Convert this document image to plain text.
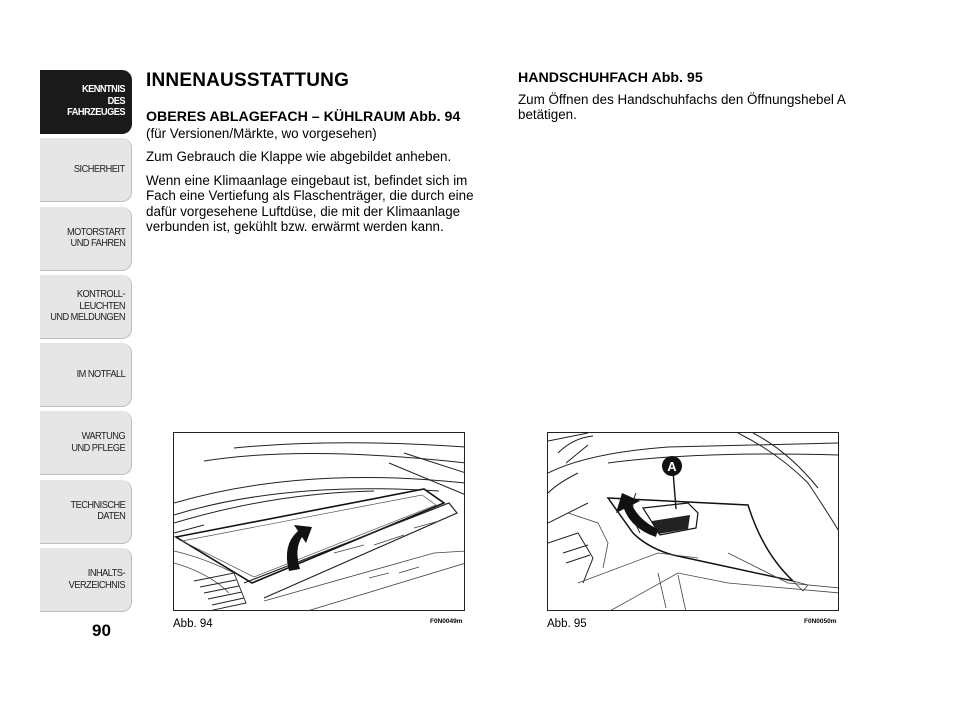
KENNTNIS
DES FAHRZEUGES
SICHERHEIT
MOTORSTART
UND FAHREN
KONTROLL-
LEUCHTEN
UND MELDUNGEN
IM NOTFALL
WARTUNG
UND PFLEGE
TECHNISCHE
DATEN
INHALTS-
VERZEICHNIS
90
INNENAUSSTATTUNG
OBERES ABLAGEFACH – KÜHLRAUM Abb. 94
(für Versionen/Märkte, wo vorgesehen)
Zum Gebrauch die Klappe wie abgebildet anheben.
Wenn eine Klimaanlage eingebaut ist, befindet sich im Fach eine Vertiefung als Flaschenträger, die durch eine dafür vorgesehene Luftdüse, die mit der Klimaanlage verbunden ist, gekühlt bzw. erwärmt werden kann.
HANDSCHUHFACH Abb. 95
Zum Öffnen des Handschuhfachs den Öffnungshebel A betätigen.
Abb. 94	F0N0049m
A
Abb. 95	F0N0050m
